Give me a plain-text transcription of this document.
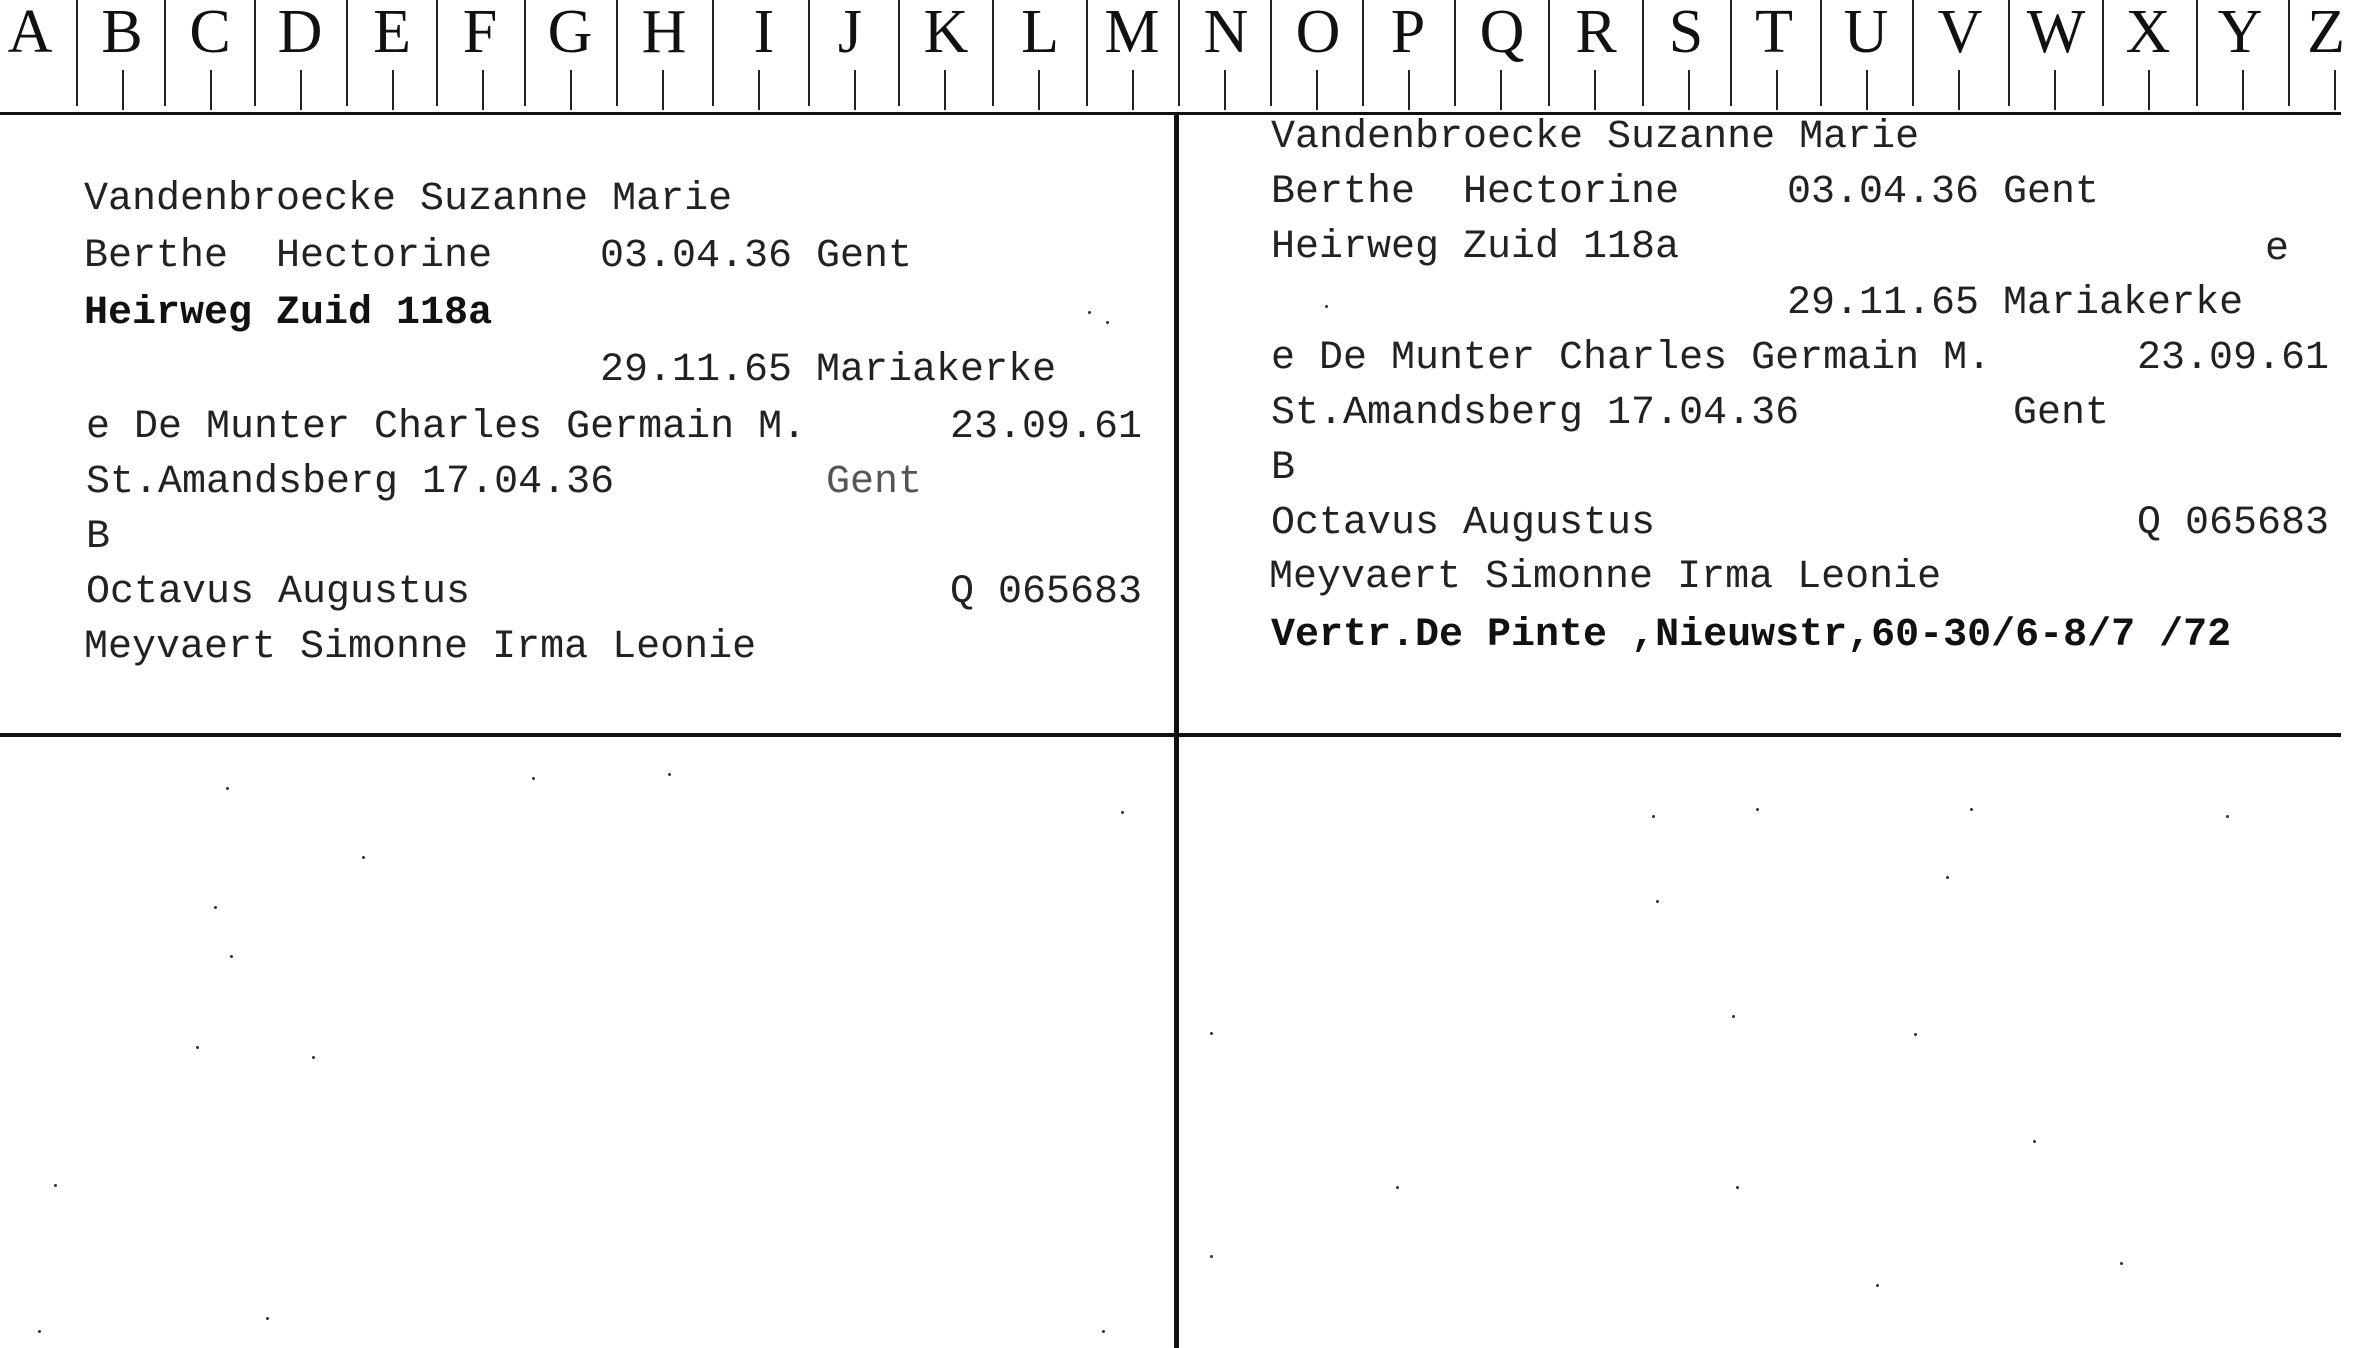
A B C D E F G H	I	J K L M N O P Q R S T U V W X Y Z
Vandenbroecke Suzanne Marie
Berthe  Hectorine	03.04.36 Gent
Heirweg Zuid 118a
29.11.65 Mariakerke
e De Munter Charles Germain M.	23.09.61
St.Amandsberg 17.04.36	Gent
B
Octavus Augustus	Q 065683
Meyvaert Simonne Irma Leonie
Vandenbroecke Suzanne Marie
Berthe  Hectorine	03.04.36 Gent
Heirweg Zuid 118a	e
29.11.65 Mariakerke
e De Munter Charles Germain M.	23.09.61
St.Amandsberg 17.04.36	Gent
B
Octavus Augustus	Q 065683
Meyvaert Simonne Irma Leonie
Vertr.De Pinte ,Nieuwstr,60-30/6-8/7 /72
